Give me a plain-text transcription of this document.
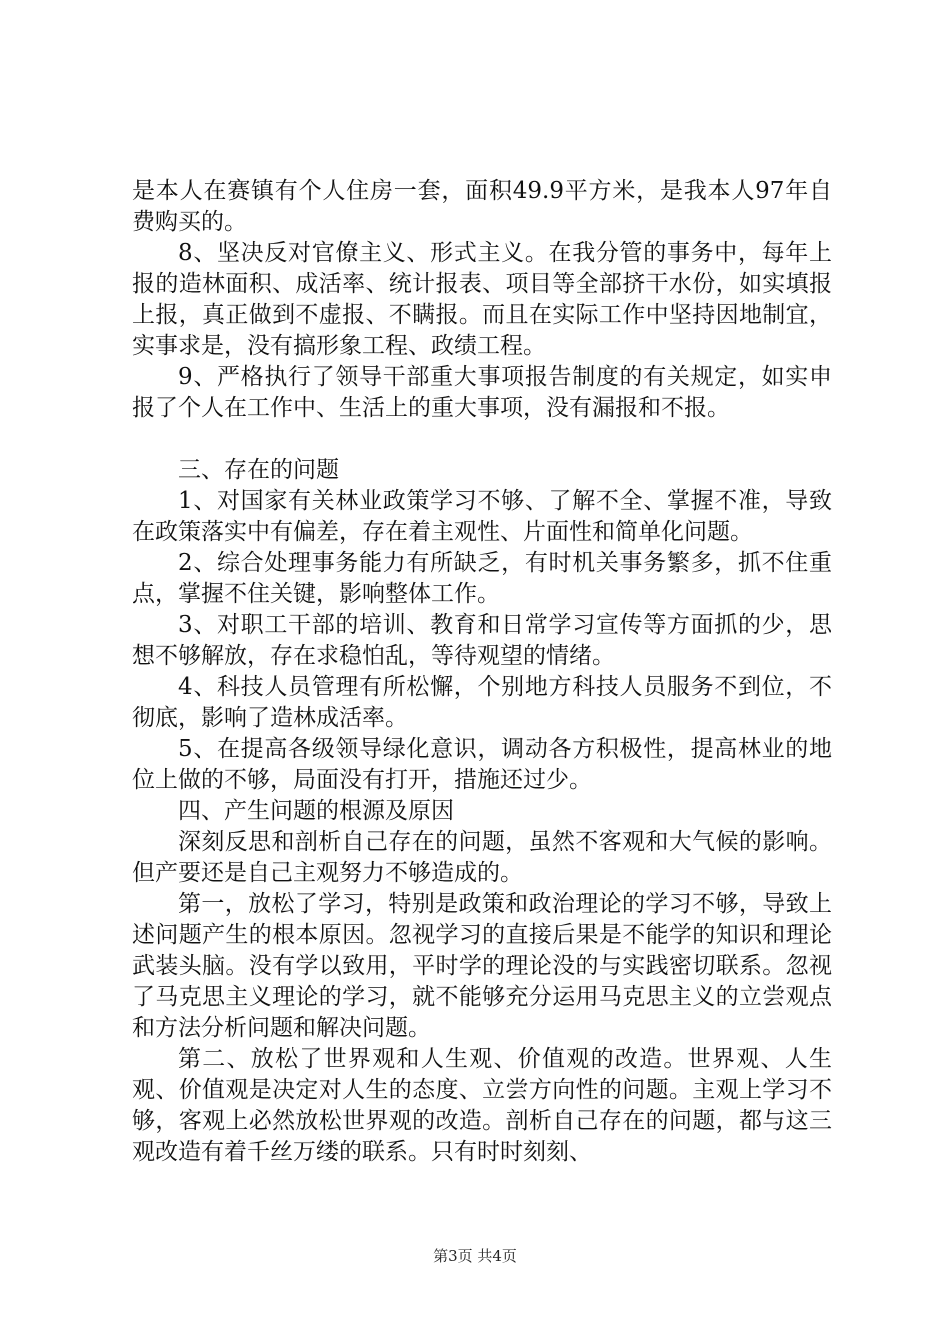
是本人在赛镇有个人住房一套，面积49.9平方米，是我本人97年自费购买的。

8、坚决反对官僚主义、形式主义。在我分管的事务中，每年上报的造林面积、成活率、统计报表、项目等全部挤干水份，如实填报上报，真正做到不虚报、不瞒报。而且在实际工作中坚持因地制宜，实事求是，没有搞形象工程、政绩工程。

9、严格执行了领导干部重大事项报告制度的有关规定，如实申报了个人在工作中、生活上的重大事项，没有漏报和不报。

三、存在的问题

1、对国家有关林业政策学习不够、了解不全、掌握不准，导致在政策落实中有偏差，存在着主观性、片面性和简单化问题。

2、综合处理事务能力有所缺乏，有时机关事务繁多，抓不住重点，掌握不住关键，影响整体工作。

3、对职工干部的培训、教育和日常学习宣传等方面抓的少，思想不够解放，存在求稳怕乱，等待观望的情绪。

4、科技人员管理有所松懈，个别地方科技人员服务不到位，不彻底，影响了造林成活率。

5、在提高各级领导绿化意识，调动各方积极性，提高林业的地位上做的不够，局面没有打开，措施还过少。

四、产生问题的根源及原因

深刻反思和剖析自己存在的问题，虽然不客观和大气候的影响。但产要还是自己主观努力不够造成的。

第一，放松了学习，特别是政策和政治理论的学习不够，导致上述问题产生的根本原因。忽视学习的直接后果是不能学的知识和理论武装头脑。没有学以致用，平时学的理论没的与实践密切联系。忽视了马克思主义理论的学习，就不能够充分运用马克思主义的立尝观点和方法分析问题和解决问题。

第二、放松了世界观和人生观、价值观的改造。世界观、人生观、价值观是决定对人生的态度、立尝方向性的问题。主观上学习不够，客观上必然放松世界观的改造。剖析自己存在的问题，都与这三观改造有着千丝万缕的联系。只有时时刻刻、

第3页 共4页
